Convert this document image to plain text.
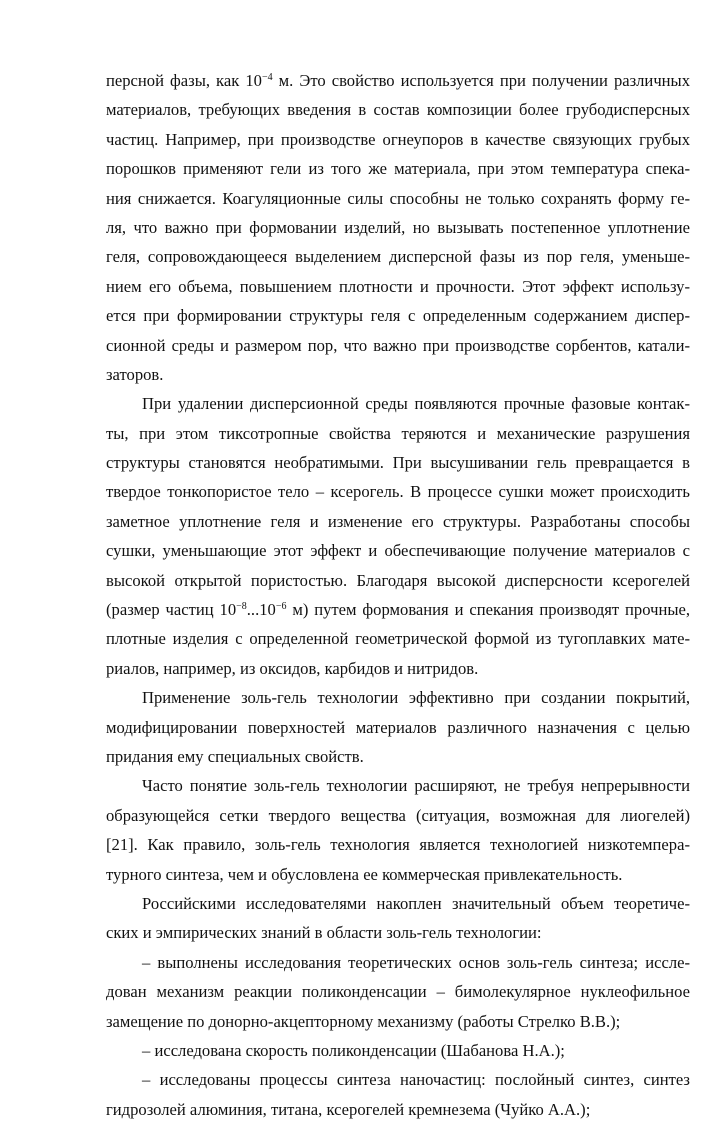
персной фазы, как $10^{-4}$ м. Это свойство используется при получении различных
материалов, требующих введения в состав композиции более грубодисперсных
частиц. Например, при производстве огнеупоров в качестве связующих грубых
порошков применяют гели из того же материала, при этом температура спека-
ния снижается. Коагуляционные силы способны не только сохранять форму ге-
ля, что важно при формовании изделий, но вызывать постепенное уплотнение
геля, сопровождающееся выделением дисперсной фазы из пор геля, уменьше-
нием его объема, повышением плотности и прочности. Этот эффект использу-
ется при формировании структуры геля с определенным содержанием диспер-
сионной среды и размером пор, что важно при производстве сорбентов, катали-
заторов.
При удалении дисперсионной среды появляются прочные фазовые контак-
ты, при этом тиксотропные свойства теряются и механические разрушения
структуры становятся необратимыми. При высушивании гель превращается в
твердое тонкопористое тело – ксерогель. В процессе сушки может происходить
заметное уплотнение геля и изменение его структуры. Разработаны способы
сушки, уменьшающие этот эффект и обеспечивающие получение материалов с
высокой открытой пористостью. Благодаря высокой дисперсности ксерогелей
(размер частиц $10^{-8}...10^{-6}$ м) путем формования и спекания производят прочные,
плотные изделия с определенной геометрической формой из тугоплавких мате-
риалов, например, из оксидов, карбидов и нитридов.
Применение золь-гель технологии эффективно при создании покрытий,
модифицировании поверхностей материалов различного назначения с целью
придания ему специальных свойств.
Часто понятие золь-гель технологии расширяют, не требуя непрерывности
образующейся сетки твердого вещества (ситуация, возможная для лиогелей)
[21]. Как правило, золь-гель технология является технологией низкотемпера-
турного синтеза, чем и обусловлена ее коммерческая привлекательность.
Российскими исследователями накоплен значительный объем теоретиче-
ских и эмпирических знаний в области золь-гель технологии:
– выполнены исследования теоретических основ золь-гель синтеза; иссле-
дован механизм реакции поликонденсации – бимолекулярное нуклеофильное
замещение по донорно-акцепторному механизму (работы Стрелко В.В.);
– исследована скорость поликонденсации (Шабанова Н.А.);
– исследованы процессы синтеза наночастиц: послойный синтез, синтез
гидрозолей алюминия, титана, ксерогелей кремнезема (Чуйко А.А.);
